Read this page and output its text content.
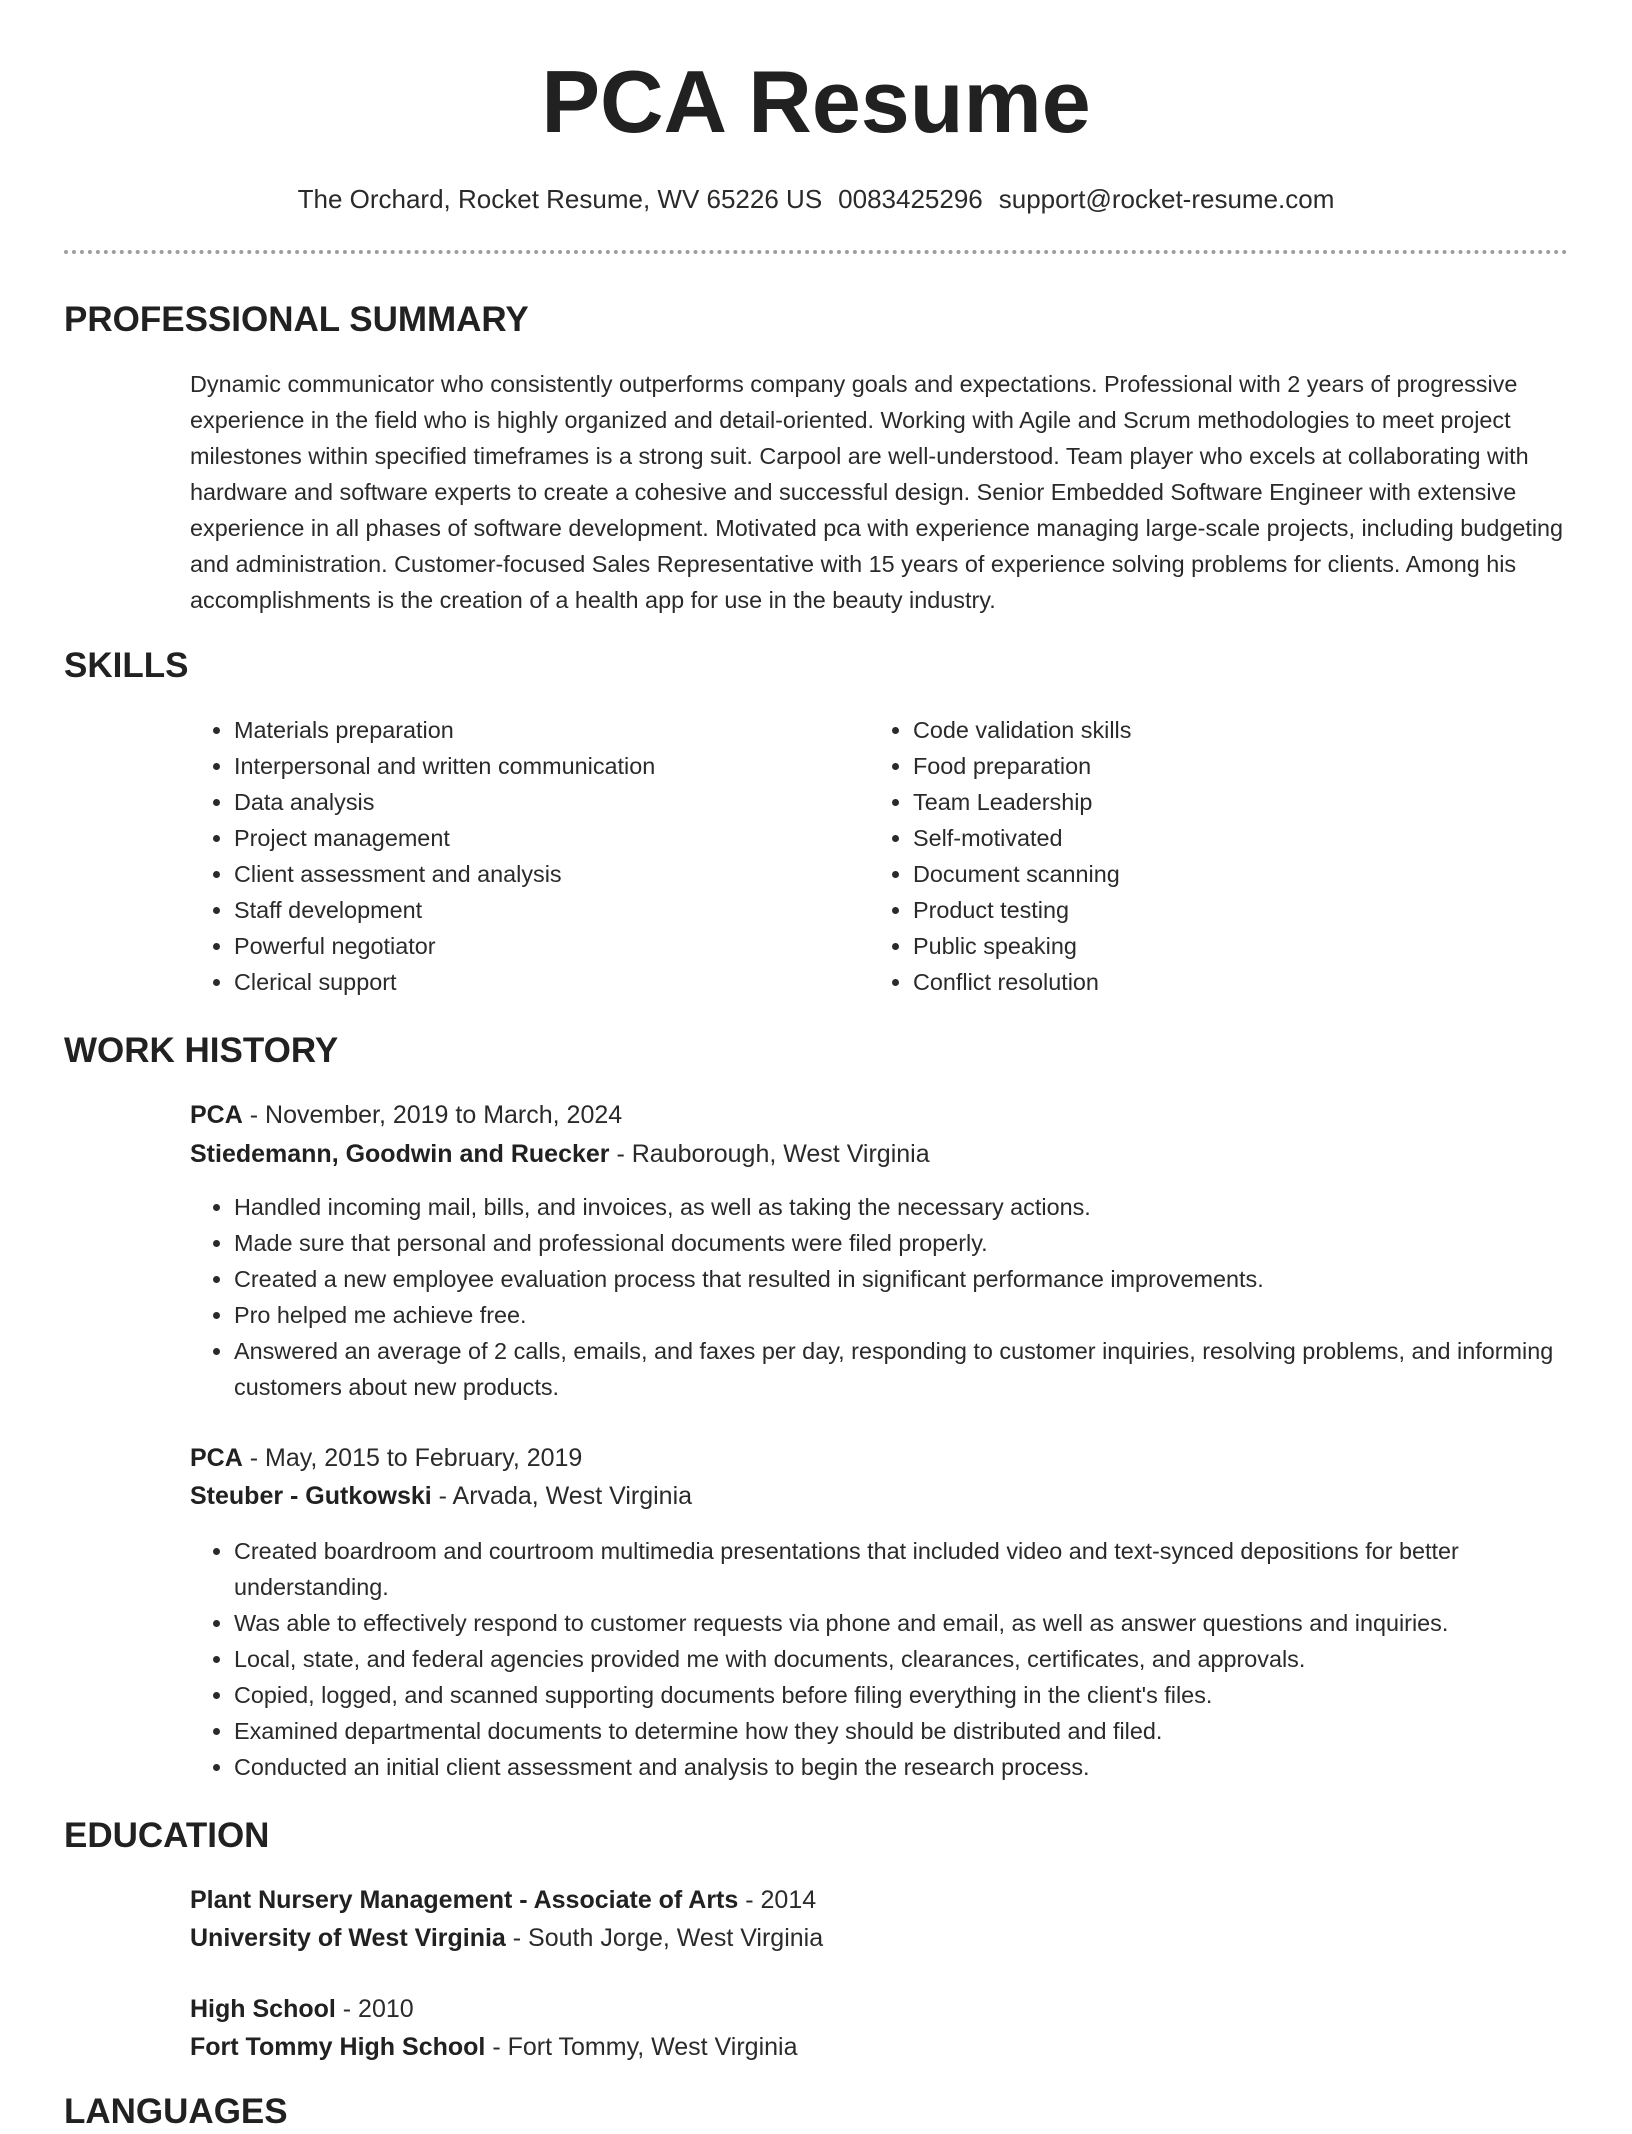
PCA Resume
The Orchard, Rocket Resume, WV 65226 US 0083425296 support@rocket-resume.com
PROFESSIONAL SUMMARY

Dynamic communicator who consistently outperforms company goals and expectations. Professional with 2 years of progressive experience in the field who is highly organized and detail-oriented. Working with Agile and Scrum methodologies to meet project milestones within specified timeframes is a strong suit. Carpool are well-understood. Team player who excels at collaborating with hardware and software experts to create a cohesive and successful design. Senior Embedded Software Engineer with extensive experience in all phases of software development. Motivated pca with experience managing large-scale projects, including budgeting and administration. Customer-focused Sales Representative with 15 years of experience solving problems for clients. Among his accomplishments is the creation of a health app for use in the beauty industry.

SKILLS
• Materials preparation
• Interpersonal and written communication
• Data analysis
• Project management
• Client assessment and analysis
• Staff development
• Powerful negotiator
• Clerical support
• Code validation skills
• Food preparation
• Team Leadership
• Self-motivated
• Document scanning
• Product testing
• Public speaking
• Conflict resolution
WORK HISTORY
PCA - November, 2019 to March, 2024
Stiedemann, Goodwin and Ruecker - Rauborough, West Virginia
• Handled incoming mail, bills, and invoices, as well as taking the necessary actions.
• Made sure that personal and professional documents were filed properly.
• Created a new employee evaluation process that resulted in significant performance improvements.
• Pro helped me achieve free.
• Answered an average of 2 calls, emails, and faxes per day, responding to customer inquiries, resolving problems, and informing customers about new products.
PCA - May, 2015 to February, 2019
Steuber - Gutkowski - Arvada, West Virginia
• Created boardroom and courtroom multimedia presentations that included video and text-synced depositions for better understanding.
• Was able to effectively respond to customer requests via phone and email, as well as answer questions and inquiries.
• Local, state, and federal agencies provided me with documents, clearances, certificates, and approvals.
• Copied, logged, and scanned supporting documents before filing everything in the client's files.
• Examined departmental documents to determine how they should be distributed and filed.
• Conducted an initial client assessment and analysis to begin the research process.
EDUCATION
Plant Nursery Management - Associate of Arts - 2014
University of West Virginia - South Jorge, West Virginia
High School - 2010
Fort Tommy High School - Fort Tommy, West Virginia
LANGUAGES
